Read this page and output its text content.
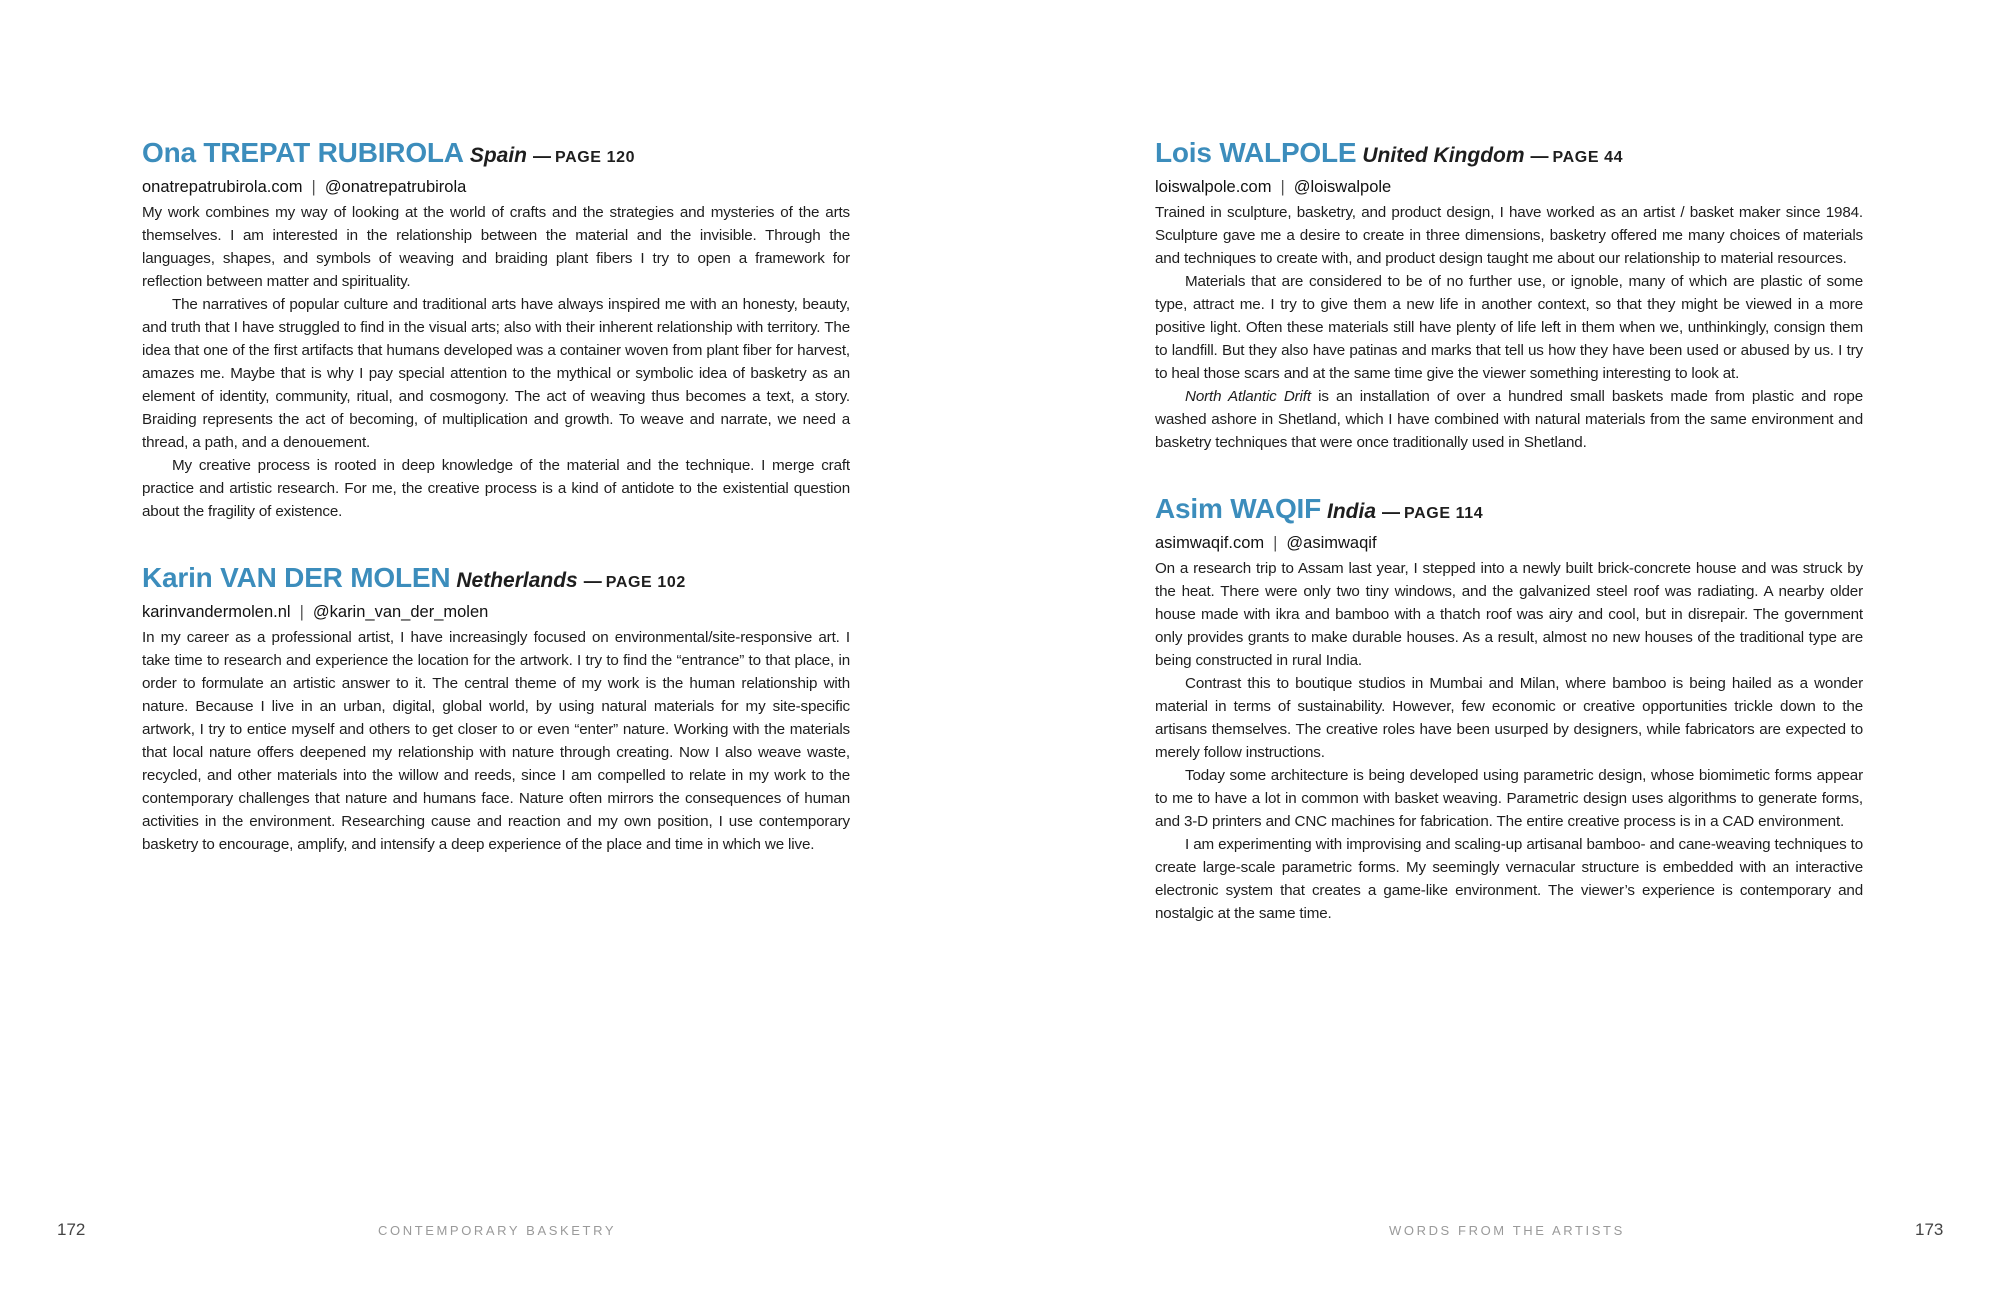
Ona TREPAT RUBIROLA Spain — PAGE 120
onatrepatrubirola.com | @onatrepatrubirola

My work combines my way of looking at the world of crafts and the strategies and mysteries of the arts themselves. I am interested in the relationship between the material and the invisible. Through the languages, shapes, and symbols of weaving and braiding plant fibers I try to open a framework for reflection between matter and spirituality.

The narratives of popular culture and traditional arts have always inspired me with an honesty, beauty, and truth that I have struggled to find in the visual arts; also with their inherent relationship with territory. The idea that one of the first artifacts that humans developed was a container woven from plant fiber for harvest, amazes me. Maybe that is why I pay special attention to the mythical or symbolic idea of basketry as an element of identity, community, ritual, and cosmogony. The act of weaving thus becomes a text, a story. Braiding represents the act of becoming, of multiplication and growth. To weave and narrate, we need a thread, a path, and a denouement.

My creative process is rooted in deep knowledge of the material and the technique. I merge craft practice and artistic research. For me, the creative process is a kind of antidote to the existential question about the fragility of existence.

Karin VAN DER MOLEN Netherlands — PAGE 102
karinvandermolen.nl | @karin_van_der_molen

In my career as a professional artist, I have increasingly focused on environmental/site-responsive art. I take time to research and experience the location for the artwork. I try to find the “entrance” to that place, in order to formulate an artistic answer to it. The central theme of my work is the human relationship with nature. Because I live in an urban, digital, global world, by using natural materials for my site-specific artwork, I try to entice myself and others to get closer to or even “enter” nature. Working with the materials that local nature offers deepened my relationship with nature through creating. Now I also weave waste, recycled, and other materials into the willow and reeds, since I am compelled to relate in my work to the contemporary challenges that nature and humans face. Nature often mirrors the consequences of human activities in the environment. Researching cause and reaction and my own position, I use contemporary basketry to encourage, amplify, and intensify a deep experience of the place and time in which we live.

172	CONTEMPORARY BASKETRY
Lois WALPOLE United Kingdom — PAGE 44
loiswalpole.com | @loiswalpole

Trained in sculpture, basketry, and product design, I have worked as an artist / basket maker since 1984. Sculpture gave me a desire to create in three dimensions, basketry offered me many choices of materials and techniques to create with, and product design taught me about our relationship to material resources.

Materials that are considered to be of no further use, or ignoble, many of which are plastic of some type, attract me. I try to give them a new life in another context, so that they might be viewed in a more positive light. Often these materials still have plenty of life left in them when we, unthinkingly, consign them to landfill. But they also have patinas and marks that tell us how they have been used or abused by us. I try to heal those scars and at the same time give the viewer something interesting to look at.

North Atlantic Drift is an installation of over a hundred small baskets made from plastic and rope washed ashore in Shetland, which I have combined with natural materials from the same environment and basketry techniques that were once traditionally used in Shetland.

Asim WAQIF India — PAGE 114
asimwaqif.com | @asimwaqif

On a research trip to Assam last year, I stepped into a newly built brick-concrete house and was struck by the heat. There were only two tiny windows, and the galvanized steel roof was radiating. A nearby older house made with ikra and bamboo with a thatch roof was airy and cool, but in disrepair. The government only provides grants to make durable houses. As a result, almost no new houses of the traditional type are being constructed in rural India.

Contrast this to boutique studios in Mumbai and Milan, where bamboo is being hailed as a wonder material in terms of sustainability. However, few economic or creative opportunities trickle down to the artisans themselves. The creative roles have been usurped by designers, while fabricators are expected to merely follow instructions.

Today some architecture is being developed using parametric design, whose biomimetic forms appear to me to have a lot in common with basket weaving. Parametric design uses algorithms to generate forms, and 3-D printers and CNC machines for fabrication. The entire creative process is in a CAD environment.

I am experimenting with improvising and scaling-up artisanal bamboo- and cane-weaving techniques to create large-scale parametric forms. My seemingly vernacular structure is embedded with an interactive electronic system that creates a game-like environment. The viewer’s experience is contemporary and nostalgic at the same time.

WORDS FROM THE ARTISTS	173
